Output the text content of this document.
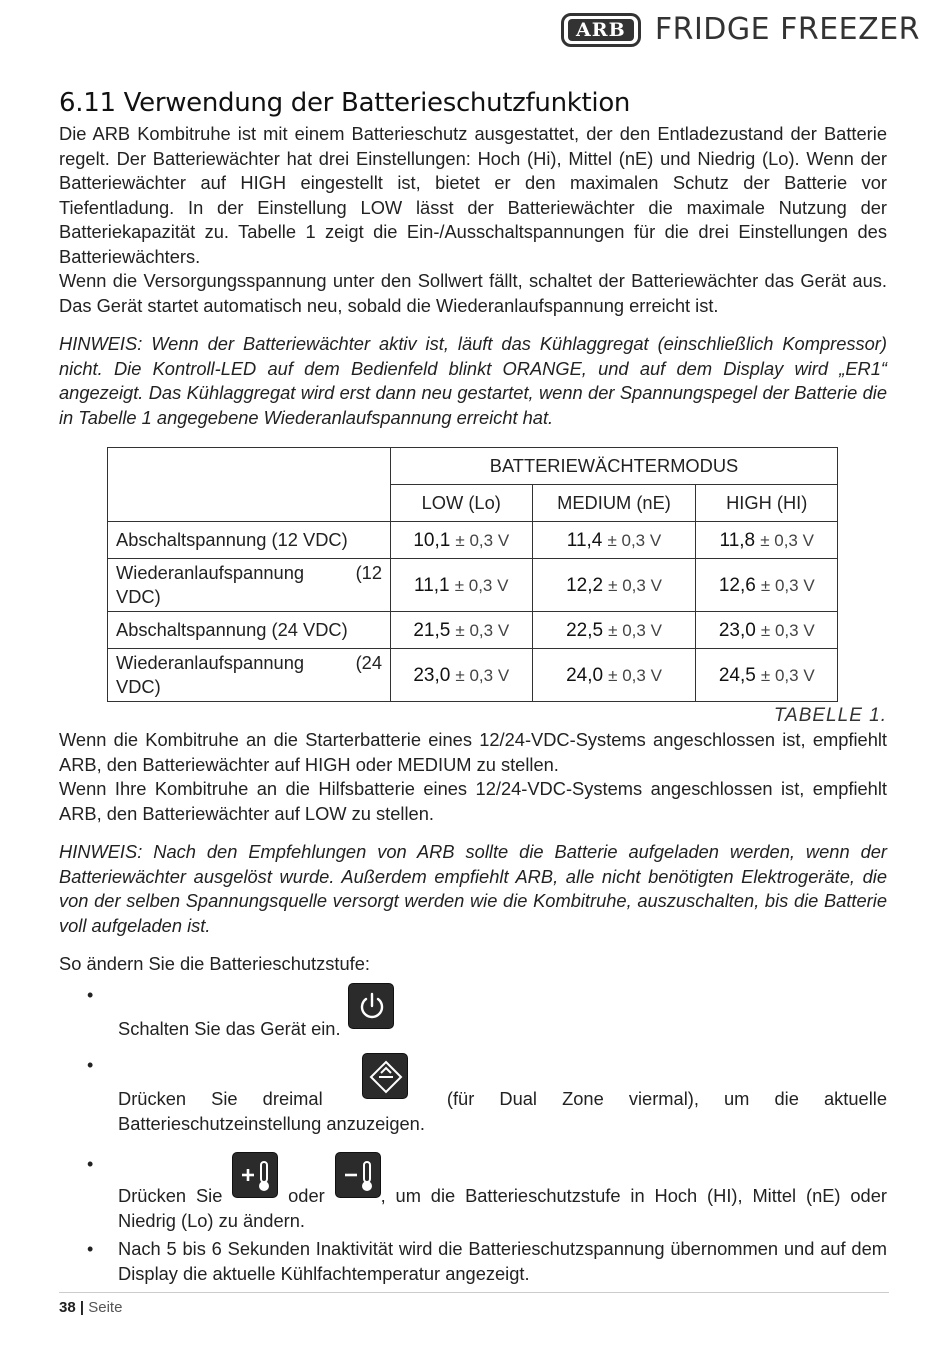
ARB FRIDGE FREEZER
6.11 Verwendung der Batterieschutzfunktion

Die ARB Kombitruhe ist mit einem Batterieschutz ausgestattet, der den Entladezustand der Batterie regelt. Der Batteriewächter hat drei Einstellungen: Hoch (Hi), Mittel (nE) und Niedrig (Lo). Wenn der Batteriewächter auf HIGH eingestellt ist, bietet er den maximalen Schutz der Batterie vor Tiefentladung. In der Einstellung LOW lässt der Batteriewächter die maximale Nutzung der Batteriekapazität zu. Tabelle 1 zeigt die Ein-/Ausschaltspannungen für die drei Einstellungen des Batteriewächters.

Wenn die Versorgungsspannung unter den Sollwert fällt, schaltet der Batteriewächter das Gerät aus. Das Gerät startet automatisch neu, sobald die Wiederanlaufspannung erreicht ist.

HINWEIS: Wenn der Batteriewächter aktiv ist, läuft das Kühlaggregat (einschließlich Kompressor) nicht. Die Kontroll-LED auf dem Bedienfeld blinkt ORANGE, und auf dem Display wird „ER1“ angezeigt. Das Kühlaggregat wird erst dann neu gestartet, wenn der Spannungspegel der Batterie die in Tabelle 1 angegebene Wiederanlaufspannung erreicht hat.

	BATTERIEWÄCHTERMODUS		
	LOW (Lo)	MEDIUM (nE)	HIGH (HI)
Abschaltspannung (12 VDC)	10,1 ± 0,3 V	11,4 ± 0,3 V	11,8 ± 0,3 V
Wiederanlaufspannung (12 VDC)	11,1 ± 0,3 V	12,2 ± 0,3 V	12,6 ± 0,3 V
Abschaltspannung (24 VDC)	21,5 ± 0,3 V	22,5 ± 0,3 V	23,0 ± 0,3 V
Wiederanlaufspannung (24 VDC)	23,0 ± 0,3 V	24,0 ± 0,3 V	24,5 ± 0,3 V
TABELLE 1.

Wenn die Kombitruhe an die Starterbatterie eines 12/24-VDC-Systems angeschlossen ist, empfiehlt ARB, den Batteriewächter auf HIGH oder MEDIUM zu stellen.

Wenn Ihre Kombitruhe an die Hilfsbatterie eines 12/24-VDC-Systems angeschlossen ist, empfiehlt ARB, den Batteriewächter auf LOW zu stellen.

HINWEIS: Nach den Empfehlungen von ARB sollte die Batterie aufgeladen werden, wenn der Batteriewächter ausgelöst wurde. Außerdem empfiehlt ARB, alle nicht benötigten Elektrogeräte, die von der selben Spannungsquelle versorgt werden wie die Kombitruhe, auszuschalten, bis die Batterie voll aufgeladen ist.

So ändern Sie die Batterieschutzstufe:

• Schalten Sie das Gerät ein.
• Drücken Sie dreimal	(für Dual Zone viermal), um die aktuelle Batterieschutzeinstellung anzuzeigen.
• Drücken Sie	oder	, um die Batterieschutzstufe in Hoch (HI), Mittel (nE) oder Niedrig (Lo) zu ändern.
• Nach 5 bis 6 Sekunden Inaktivität wird die Batterieschutzspannung übernommen und auf dem Display die aktuelle Kühlfachtemperatur angezeigt.
38 | Seite
